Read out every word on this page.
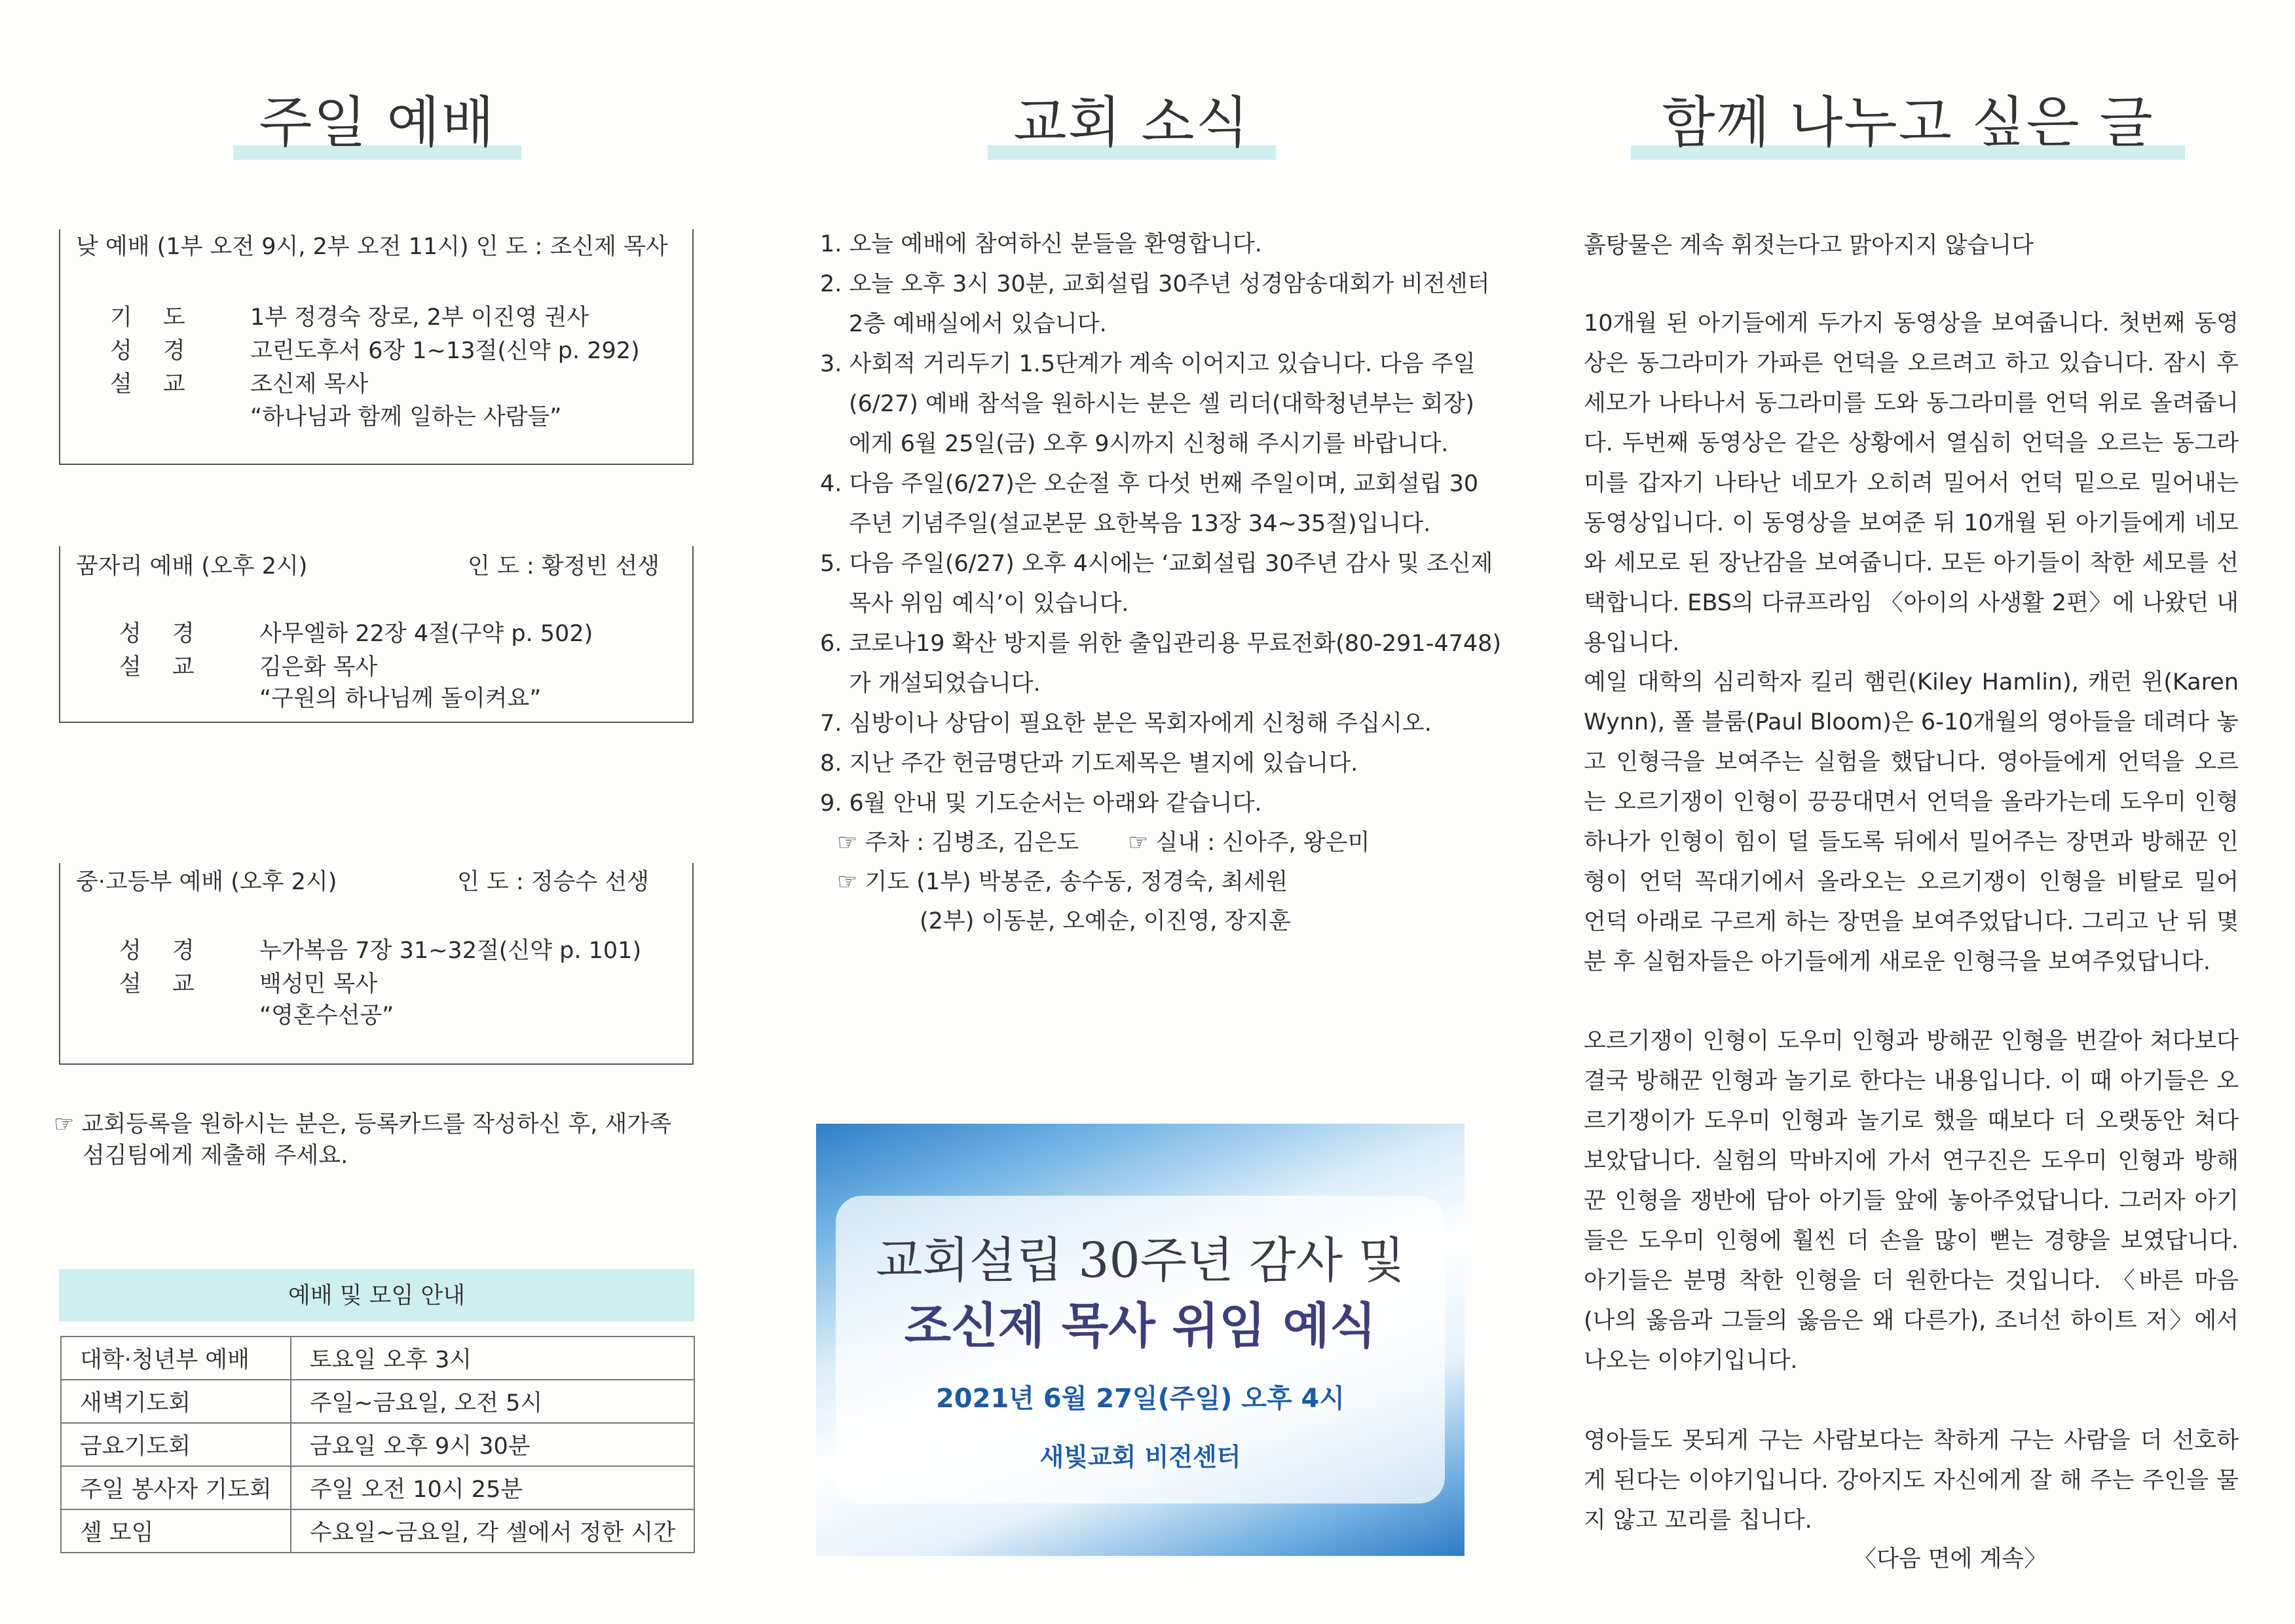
주일 예배
낮 예배 (1부 오전 9시, 2부 오전 11시) 인 도 : 조신제 목사
기 도 1부 정경숙 장로, 2부 이진영 권사
성 경 고린도후서 6장 1~13절(신약 p. 292)
설 교 조신제 목사
“하나님과 함께 일하는 사람들”
꿈자리 예배 (오후 2시)	인 도 : 황정빈 선생
성 경 사무엘하 22장 4절(구약 p. 502)
설 교 김은화 목사
“구원의 하나님께 돌이켜요”
중·고등부 예배 (오후 2시)	인 도 : 정승수 선생
성 경 누가복음 7장 31~32절(신약 p. 101)
설 교 백성민 목사
“영혼수선공”
☞ 교회등록을 원하시는 분은, 등록카드를 작성하신 후, 새가족
섬김팀에게 제출해 주세요.
예배 및 모임 안내
대학·청년부 예배	토요일 오후 3시
새벽기도회	주일~금요일, 오전 5시
금요기도회	금요일 오후 9시 30분
주일 봉사자 기도회	주일 오전 10시 25분
셀 모임	수요일~금요일, 각 셀에서 정한 시간
교회 소식
1. 오늘 예배에 참여하신 분들을 환영합니다.
2. 오늘 오후 3시 30분, 교회설립 30주년 성경암송대회가 비전센터
2층 예배실에서 있습니다.
3. 사회적 거리두기 1.5단계가 계속 이어지고 있습니다. 다음 주일
(6/27) 예배 참석을 원하시는 분은 셀 리더(대학청년부는 회장)
에게 6월 25일(금) 오후 9시까지 신청해 주시기를 바랍니다.
4. 다음 주일(6/27)은 오순절 후 다섯 번째 주일이며, 교회설립 30
주년 기념주일(설교본문 요한복음 13장 34~35절)입니다.
5. 다음 주일(6/27) 오후 4시에는 ‘교회설립 30주년 감사 및 조신제
목사 위임 예식’이 있습니다.
6. 코로나19 확산 방지를 위한 출입관리용 무료전화(80-291-4748)
가 개설되었습니다.
7. 심방이나 상담이 필요한 분은 목회자에게 신청해 주십시오.
8. 지난 주간 헌금명단과 기도제목은 별지에 있습니다.
9. 6월 안내 및 기도순서는 아래와 같습니다.
☞ 주차 : 김병조, 김은도 ☞ 실내 : 신아주, 왕은미
☞ 기도 (1부) 박봉준, 송수동, 정경숙, 최세원
(2부) 이동분, 오예순, 이진영, 장지훈
교회설립 30주년 감사 및
조신제 목사 위임 예식
2021년 6월 27일(주일) 오후 4시
새빛교회 비전센터
함께 나누고 싶은 글
흙탕물은 계속 휘젓는다고 맑아지지 않습니다
10개월 된 아기들에게 두가지 동영상을 보여줍니다. 첫번째 동영상은 동그라미가 가파른 언덕을 오르려고 하고 있습니다. 잠시 후 세모가 나타나서 동그라미를 도와 동그라미를 언덕 위로 올려줍니다. 두번째 동영상은 같은 상황에서 열심히 언덕을 오르는 동그라미를 갑자기 나타난 네모가 오히려 밀어서 언덕 밑으로 밀어내는 동영상입니다. 이 동영상을 보여준 뒤 10개월 된 아기들에게 네모와 세모로 된 장난감을 보여줍니다. 모든 아기들이 착한 세모를 선택합니다. EBS의 다큐프라임 〈아이의 사생활 2편〉에 나왔던 내용입니다.
예일 대학의 심리학자 킬리 햄린(Kiley Hamlin), 캐런 윈(Karen Wynn), 폴 블룸(Paul Bloom)은 6-10개월의 영아들을 데려다 놓고 인형극을 보여주는 실험을 했답니다. 영아들에게 언덕을 오르는 오르기쟁이 인형이 끙끙대면서 언덕을 올라가는데 도우미 인형 하나가 인형이 힘이 덜 들도록 뒤에서 밀어주는 장면과 방해꾼 인형이 언덕 꼭대기에서 올라오는 오르기쟁이 인형을 비탈로 밀어 언덕 아래로 구르게 하는 장면을 보여주었답니다. 그리고 난 뒤 몇 분 후 실험자들은 아기들에게 새로운 인형극을 보여주었답니다.
오르기쟁이 인형이 도우미 인형과 방해꾼 인형을 번갈아 쳐다보다 결국 방해꾼 인형과 놀기로 한다는 내용입니다. 이 때 아기들은 오르기쟁이가 도우미 인형과 놀기로 했을 때보다 더 오랫동안 쳐다보았답니다. 실험의 막바지에 가서 연구진은 도우미 인형과 방해꾼 인형을 쟁반에 담아 아기들 앞에 놓아주었답니다. 그러자 아기들은 도우미 인형에 훨씬 더 손을 많이 뻗는 경향을 보였답니다. 아기들은 분명 착한 인형을 더 원한다는 것입니다. 〈바른 마음 (나의 옳음과 그들의 옳음은 왜 다른가), 조너선 하이트 저〉에서 나오는 이야기입니다.
영아들도 못되게 구는 사람보다는 착하게 구는 사람을 더 선호하게 된다는 이야기입니다. 강아지도 자신에게 잘 해 주는 주인을 물지 않고 꼬리를 칩니다.
〈다음 면에 계속〉
